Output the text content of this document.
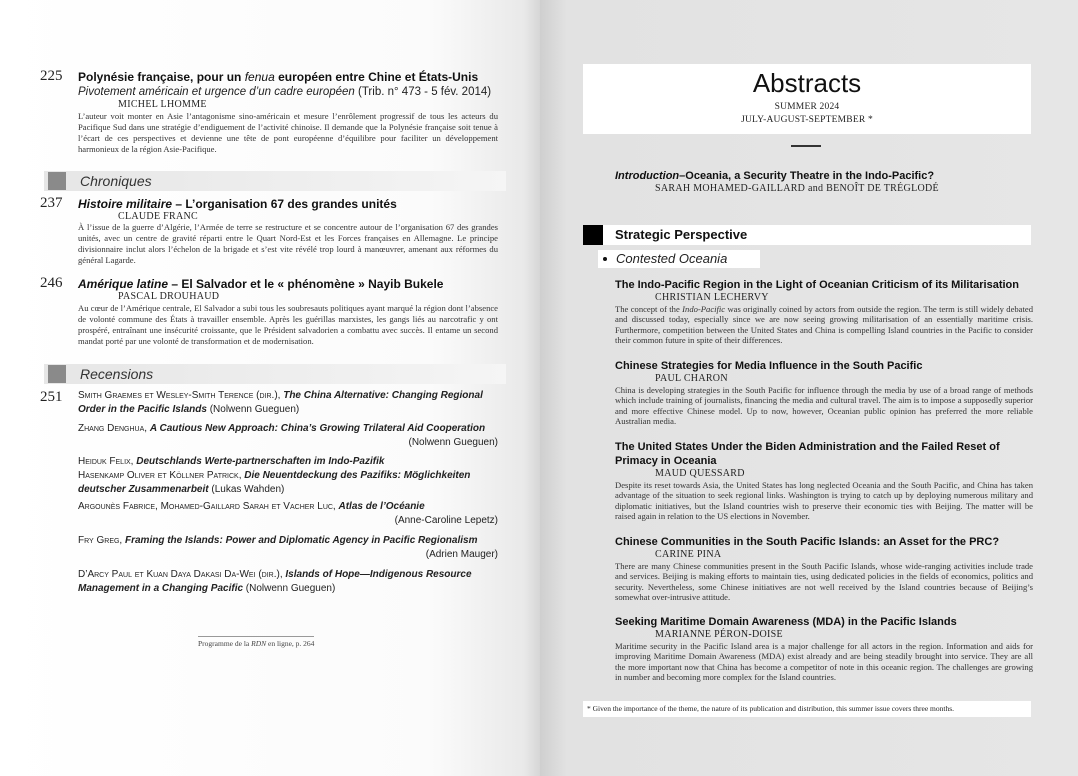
225 Polynésie française, pour un fenua européen entre Chine et États-Unis
Pivotement américain et urgence d’un cadre européen (Trib. n° 473 - 5 fév. 2014)
MICHEL LHOMME
L’auteur voit monter en Asie l’antagonisme sino-américain et mesure l’enrôlement progressif de tous les acteurs du Pacifique Sud dans une stratégie d’endiguement de l’activité chinoise. Il demande que la Polynésie française soit tenue à l’écart de ces perspectives et devienne une tête de pont européenne d’équilibre pour faciliter un développement harmonieux de la région Asie-Pacifique.
Chroniques
237 Histoire militaire – L’organisation 67 des grandes unités
CLAUDE FRANC
À l’issue de la guerre d’Algérie, l’Armée de terre se restructure et se concentre autour de l’organisation 67 des grandes unités, avec un centre de gravité réparti entre le Quart Nord-Est et les Forces françaises en Allemagne. Le principe divisionnaire inclut alors l’échelon de la brigade et s’est vite révélé trop lourd à manœuvrer, amenant aux réformes du général Lagarde.
246 Amérique latine – El Salvador et le « phénomène » Nayib Bukele
PASCAL DROUHAUD
Au cœur de l’Amérique centrale, El Salvador a subi tous les soubresauts politiques ayant marqué la région dont l’absence de volonté commune des États à travailler ensemble. Après les guérillas marxistes, les gangs liés au narcotrafic y ont prospéré, entraînant une insécurité croissante, que le Président salvadorien a combattu avec succès. Il entame un second mandat porté par une volonté de transformation et de modernisation.
Recensions
251 Smith Graemes et Wesley-Smith Terence (dir.), The China Alternative: Changing Regional Order in the Pacific Islands (Nolwenn Gueguen)
Zhang Denghua, A Cautious New Approach: China’s Growing Trilateral Aid Cooperation
(Nolwenn Gueguen)
Heiduk Felix, Deutschlands Werte-partnerschaften im Indo-Pazifik
Hasenkamp Oliver et Köllner Patrick, Die Neuentdeckung des Pazifiks: Möglichkeiten deutscher Zusammenarbeit (Lukas Wahden)
Argounès Fabrice, Mohamed-Gaillard Sarah et Vacher Luc, Atlas de l’Océanie
(Anne-Caroline Lepetz)
Fry Greg, Framing the Islands: Power and Diplomatic Agency in Pacific Regionalism
(Adrien Mauger)
D’Arcy Paul et Kuan Daya Dakasi Da-Wei (dir.), Islands of Hope—Indigenous Resource Management in a Changing Pacific (Nolwenn Gueguen)
Programme de la RDN en ligne, p. 264
Abstracts
SUMMER 2024
JULY-AUGUST-SEPTEMBER *
Introduction–Oceania, a Security Theatre in the Indo-Pacific?
SARAH MOHAMED-GAILLARD and BENOÎT DE TRÉGLODÉ
Strategic Perspective
Contested Oceania
The Indo-Pacific Region in the Light of Oceanian Criticism of its Militarisation
CHRISTIAN LECHERVY
The concept of the Indo-Pacific was originally coined by actors from outside the region. The term is still widely debated and discussed today, especially since we are now seeing growing militarisation of an essentially maritime crisis. Furthermore, competition between the United States and China is compelling Island countries in the Pacific to consider their common future in spite of their differences.
Chinese Strategies for Media Influence in the South Pacific
PAUL CHARON
China is developing strategies in the South Pacific for influence through the media by use of a broad range of methods which include training of journalists, financing the media and cultural travel. The aim is to impose a supposedly superior and more effective Chinese model. Up to now, however, Oceanian public opinion has preferred the more reliable Australian media.
The United States Under the Biden Administration and the Failed Reset of Primacy in Oceania
MAUD QUESSARD
Despite its reset towards Asia, the United States has long neglected Oceania and the South Pacific, and China has taken advantage of the situation to seek regional links. Washington is trying to catch up by deploying numerous military and diplomatic initiatives, but the Island countries wish to preserve their economic ties with Beijing. The matter will be raised again in relation to the US elections in November.
Chinese Communities in the South Pacific Islands: an Asset for the PRC?
CARINE PINA
There are many Chinese communities present in the South Pacific Islands, whose wide-ranging activities include trade and services. Beijing is making efforts to maintain ties, using dedicated policies in the fields of economics, politics and security. Nevertheless, some Chinese initiatives are not well received by the Island countries because of Beijing’s somewhat over-intrusive attitude.
Seeking Maritime Domain Awareness (MDA) in the Pacific Islands
MARIANNE PÉRON-DOISE
Maritime security in the Pacific Island area is a major challenge for all actors in the region. Information and aids for improving Maritime Domain Awareness (MDA) exist already and are being steadily brought into service. They are all the more important now that China has become a competitor of note in this oceanic region. The challenges are growing in number and becoming more complex for the Island countries.
* Given the importance of the theme, the nature of its publication and distribution, this summer issue covers three months.
